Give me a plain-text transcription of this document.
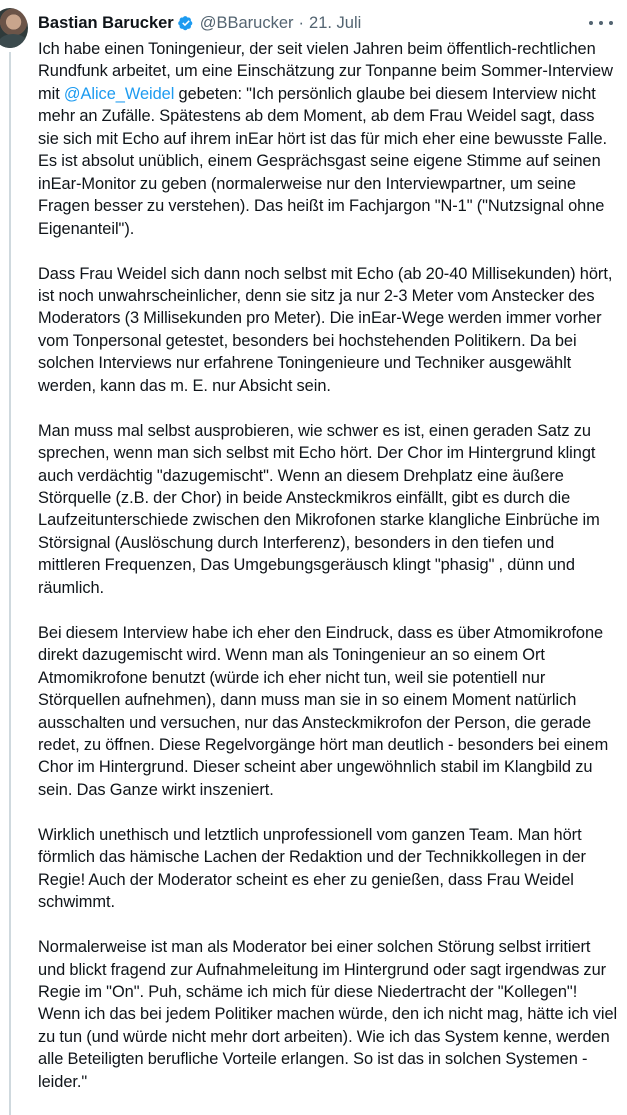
Bastian Barucker @BBarucker · 21. Juli

Ich habe einen Toningenieur, der seit vielen Jahren beim öffentlich-rechtlichen Rundfunk arbeitet, um eine Einschätzung zur Tonpanne beim Sommer-Interview mit @Alice_Weidel gebeten: "Ich persönlich glaube bei diesem Interview nicht mehr an Zufälle. Spätestens ab dem Moment, ab dem Frau Weidel sagt, dass sie sich mit Echo auf ihrem inEar hört ist das für mich eher eine bewusste Falle. Es ist absolut unüblich, einem Gesprächsgast seine eigene Stimme auf seinen inEar-Monitor zu geben (normalerweise nur den Interviewpartner, um seine Fragen besser zu verstehen). Das heißt im Fachjargon "N-1" ("Nutzsignal ohne Eigenanteil").

Dass Frau Weidel sich dann noch selbst mit Echo (ab 20-40 Millisekunden) hört, ist noch unwahrscheinlicher, denn sie sitz ja nur 2-3 Meter vom Anstecker des Moderators (3 Millisekunden pro Meter). Die inEar-Wege werden immer vorher vom Tonpersonal getestet, besonders bei hochstehenden Politikern. Da bei solchen Interviews nur erfahrene Toningenieure und Techniker ausgewählt werden, kann das m. E. nur Absicht sein.

Man muss mal selbst ausprobieren, wie schwer es ist, einen geraden Satz zu sprechen, wenn man sich selbst mit Echo hört. Der Chor im Hintergrund klingt auch verdächtig "dazugemischt". Wenn an diesem Drehplatz eine äußere Störquelle (z.B. der Chor) in beide Ansteckmikros einfällt, gibt es durch die Laufzeitunterschiede zwischen den Mikrofonen starke klangliche Einbrüche im Störsignal (Auslöschung durch Interferenz), besonders in den tiefen und mittleren Frequenzen, Das Umgebungsgeräusch klingt "phasig" , dünn und räumlich.

Bei diesem Interview habe ich eher den Eindruck, dass es über Atmomikrofone direkt dazugemischt wird. Wenn man als Toningenieur an so einem Ort Atmomikrofone benutzt (würde ich eher nicht tun, weil sie potentiell nur Störquellen aufnehmen), dann muss man sie in so einem Moment natürlich ausschalten und versuchen, nur das Ansteckmikrofon der Person, die gerade redet, zu öffnen. Diese Regelvorgänge hört man deutlich - besonders bei einem Chor im Hintergrund. Dieser scheint aber ungewöhnlich stabil im Klangbild zu sein. Das Ganze wirkt inszeniert.

Wirklich unethisch und letztlich unprofessionell vom ganzen Team. Man hört förmlich das hämische Lachen der Redaktion und der Technikkollegen in der Regie! Auch der Moderator scheint es eher zu genießen, dass Frau Weidel schwimmt.

Normalerweise ist man als Moderator bei einer solchen Störung selbst irritiert und blickt fragend zur Aufnahmeleitung im Hintergrund oder sagt irgendwas zur Regie im "On". Puh, schäme ich mich für diese Niedertracht der "Kollegen"! Wenn ich das bei jedem Politiker machen würde, den ich nicht mag, hätte ich viel zu tun (und würde nicht mehr dort arbeiten). Wie ich das System kenne, werden alle Beteiligten berufliche Vorteile erlangen. So ist das in solchen Systemen - leider."
